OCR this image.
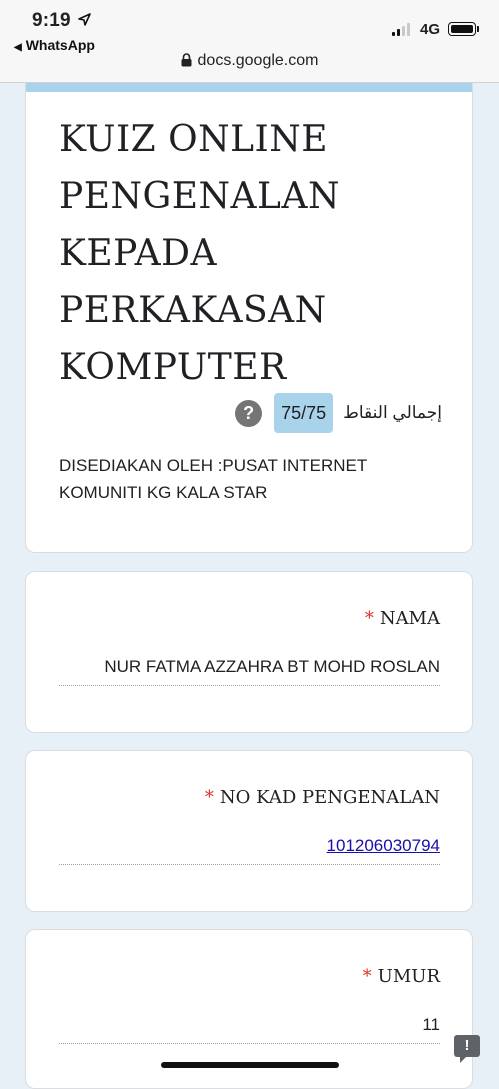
9:19
◀ WhatsApp
4G
docs.google.com
KUIZ ONLINE PENGENALAN KEPADA PERKAKASAN KOMPUTER
?	75/75	إجمالي النقاط
DISEDIAKAN OLEH :PUSAT INTERNET
KOMUNITI KG KALA STAR
* NAMA
NUR FATMA AZZAHRA BT MOHD ROSLAN
* NO KAD PENGENALAN
101206030794
* UMUR
11
!
